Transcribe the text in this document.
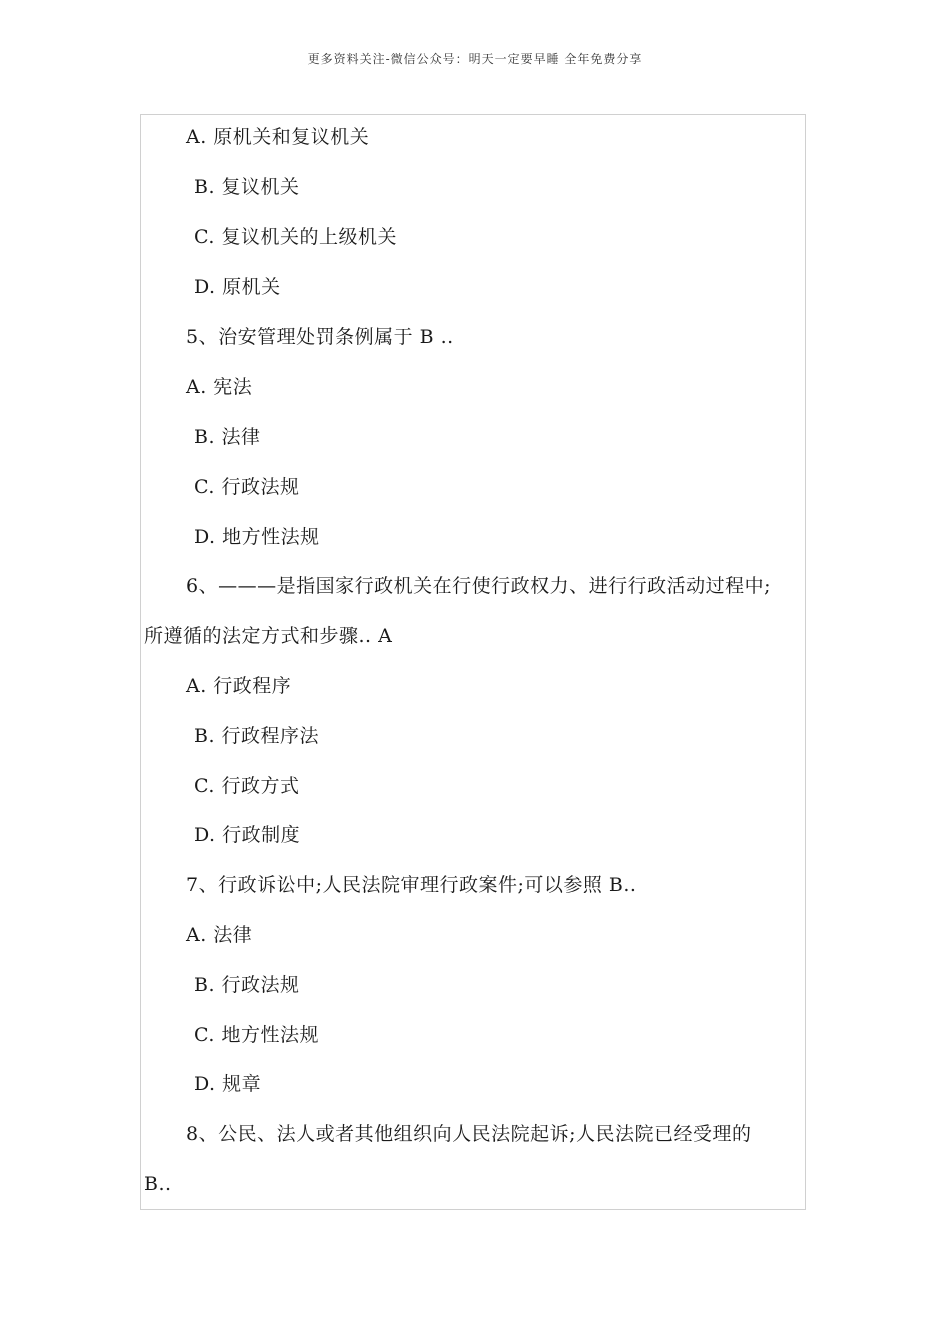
更多资料关注-微信公众号：明天一定要早睡 全年免费分享
A. 原机关和复议机关
B. 复议机关
C. 复议机关的上级机关
D. 原机关
5、治安管理处罚条例属于 B ..
A. 宪法
B. 法律
C. 行政法规
D. 地方性法规
6、———是指国家行政机关在行使行政权力、进行行政活动过程中;
所遵循的法定方式和步骤.. A
A. 行政程序
B. 行政程序法
C. 行政方式
D. 行政制度
7、行政诉讼中;人民法院审理行政案件;可以参照 B..
A. 法律
B. 行政法规
C. 地方性法规
D. 规章
8、公民、法人或者其他组织向人民法院起诉;人民法院已经受理的
B..
